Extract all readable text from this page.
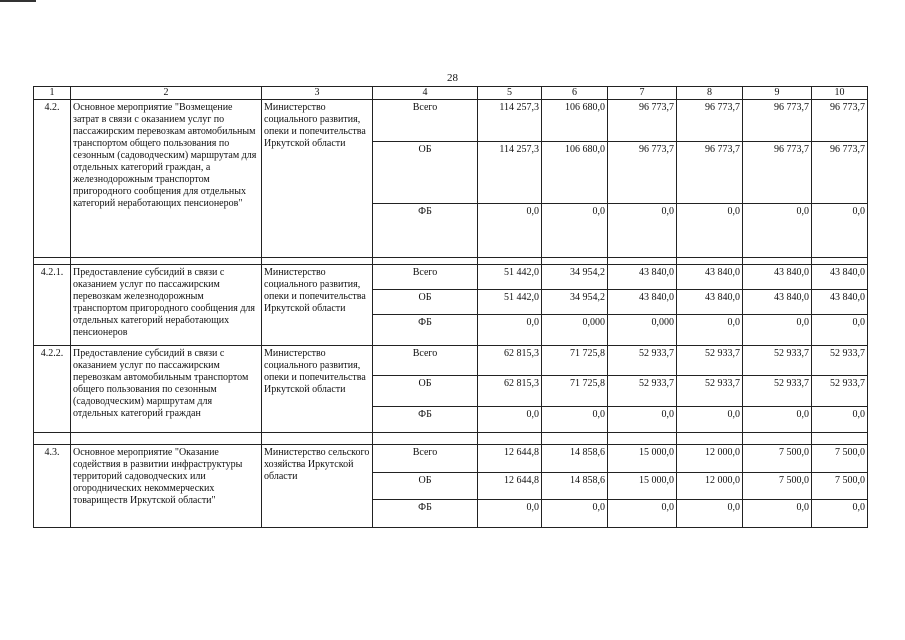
28
1	2	3	4	5	6	7	8	9	10
4.2.	Основное мероприятие "Возмещение затрат в связи с оказанием услуг по пассажирским перевозкам автомобильным транспортом общего пользования по сезонным (садоводческим) маршрутам для отдельных категорий граждан, а железнодорожным транспортом пригородного сообщения для отдельных категорий неработающих пенсионеров"	Министерство социального развития, опеки и попечительства Иркутской области	Всего	114 257,3	106 680,0	96 773,7	96 773,7	96 773,7	96 773,7
			ОБ	114 257,3	106 680,0	96 773,7	96 773,7	96 773,7	96 773,7
			ФБ	0,0	0,0	0,0	0,0	0,0	0,0

4.2.1.	Предоставление субсидий в связи с оказанием услуг по пассажирским перевозкам железнодорожным транспортом пригородного сообщения для отдельных категорий неработающих пенсионеров	Министерство социального развития, опеки и попечительства Иркутской области	Всего	51 442,0	34 954,2	43 840,0	43 840,0	43 840,0	43 840,0
			ОБ	51 442,0	34 954,2	43 840,0	43 840,0	43 840,0	43 840,0
			ФБ	0,0	0,000	0,000	0,0	0,0	0,0
4.2.2.	Предоставление субсидий в связи с оказанием услуг по пассажирским перевозкам автомобильным транспортом общего пользования по сезонным (садоводческим) маршрутам для отдельных категорий граждан	Министерство социального развития, опеки и попечительства Иркутской области	Всего	62 815,3	71 725,8	52 933,7	52 933,7	52 933,7	52 933,7
			ОБ	62 815,3	71 725,8	52 933,7	52 933,7	52 933,7	52 933,7
			ФБ	0,0	0,0	0,0	0,0	0,0	0,0

4.3.	Основное мероприятие "Оказание содействия в развитии инфраструктуры территорий садоводческих или огороднических некоммерческих товариществ Иркутской области"	Министерство сельского хозяйства Иркутской области	Всего	12 644,8	14 858,6	15 000,0	12 000,0	7 500,0	7 500,0
			ОБ	12 644,8	14 858,6	15 000,0	12 000,0	7 500,0	7 500,0
			ФБ	0,0	0,0	0,0	0,0	0,0	0,0
